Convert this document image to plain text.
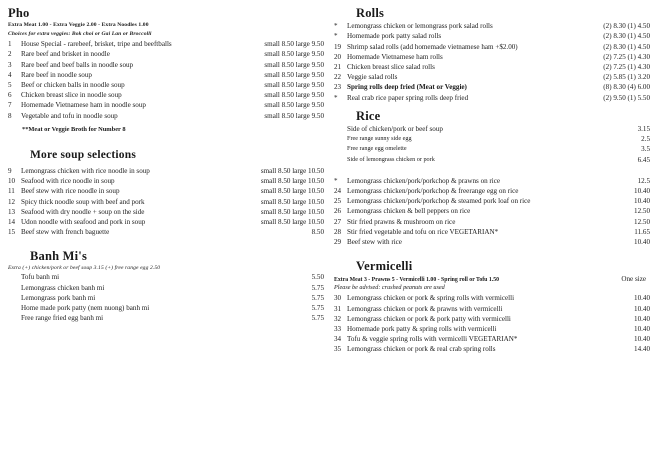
Pho
Extra Meat 1.00 - Extra Veggie 2.00 - Extra Noodles 1.00
Choices for extra veggies: Bok choi or Gai Lan or Broccolli
1	House Special - rarebeef, brisket, tripe and beeftballs	small 8.50 large 9.50
2	Rare beef and brisket in noodle	small 8.50 large 9.50
3	Rare beef and beef balls in noodle soup	small 8.50 large 9.50
4	Rare beef in noodle soup	small 8.50 large 9.50
5	Beef or chicken balls in noodle soup	small 8.50 large 9.50
6	Chicken breast slice in noodle soup	small 8.50 large 9.50
7	Homemade Vietnamese ham in noodle soup	small 8.50 large 9.50
8	Vegetable and tofu in noodle soup	small 8.50 large 9.50
**Meat or Veggie Broth for Number 8
More soup selections
9	Lemongrass chicken with rice noodle in soup	small 8.50 large 10.50
10	Seafood with rice noodle in soup	small 8.50 large 10.50
11	Beef stew with rice noodle in soup	small 8.50 large 10.50
12	Spicy thick noodle soup with beef and pork	small 8.50 large 10.50
13	Seafood with dry noodle + soup on the side	small 8.50 large 10.50
14	Udon noodle with seafood and pork in soup	small 8.50 large 10.50
15	Beef stew with french baguette	8.50
Banh Mi's
Extra (+) chicken/pork or beef soup 3.15 (+) free range egg 2.50
	Tofu banh mi	5.50
	Lemongrass chicken banh mi	5.75
	Lemongrass pork banh mi	5.75
	Home made pork patty (nem nuong) banh mi	5.75
	Free range fried egg banh mi	5.75
Rolls
*	Lemongrass chicken or lemongrass pork salad rolls	(2) 8.30 (1) 4.50
*	Homemade pork patty salad rolls	(2) 8.30 (1) 4.50
19	Shrimp salad rolls (add homemade vietnamese ham +$2.00)	(2) 8.30 (1) 4.50
20	Homemade Vietnamese ham rolls	(2) 7.25 (1) 4.30
21	Chicken breast slice salad rolls	(2) 7.25 (1) 4.30
22	Veggie salad rolls	(2) 5.85 (1) 3.20
23	Spring rolls deep fried (Meat or Veggie)	(8) 8.30 (4) 6.00
*	Real crab rice paper spring rolls deep fried	(2) 9.50 (1) 5.50
Rice
	Side of chicken/pork or beef soup	3.15
	Free range sunny side egg	2.5
	Free range egg omelette	3.5
	Side of lemongrass chicken or pork	6.45
*	Lemongrass chicken/pork/porkchop & prawns on rice	12.5
24	Lemongrass chicken/pork/porkchop & freerange egg on rice	10.40
25	Lemongrass chicken/pork/porkchop & steamed pork loaf on rice	10.40
26	Lemongrass chicken & bell peppers on rice	12.50
27	Stir fried prawns & mushroom on rice	12.50
28	Stir fried vegetable and tofu on rice VEGETARIAN*	11.65
29	Beef stew with rice	10.40
Vermicelli
Extra Meat 3 - Prawns 5 - Vermicelli 1.00 - Spring roll or Tofu 1.50	One size
Please be advised: crushed peanuts are used
30	Lemongrass chicken or pork & spring rolls with vermicelli	10.40
31	Lemongrass chicken or pork & prawns with vermicelli	10.40
32	Lemongrass chicken or pork & pork patty with vermicelli	10.40
33	Homemade pork patty & spring rolls with vermicelli	10.40
34	Tofu & veggie spring rolls with vermicelli VEGETARIAN*	10.40
35	Lemongrass chicken or pork & real crab spring rolls	14.40
